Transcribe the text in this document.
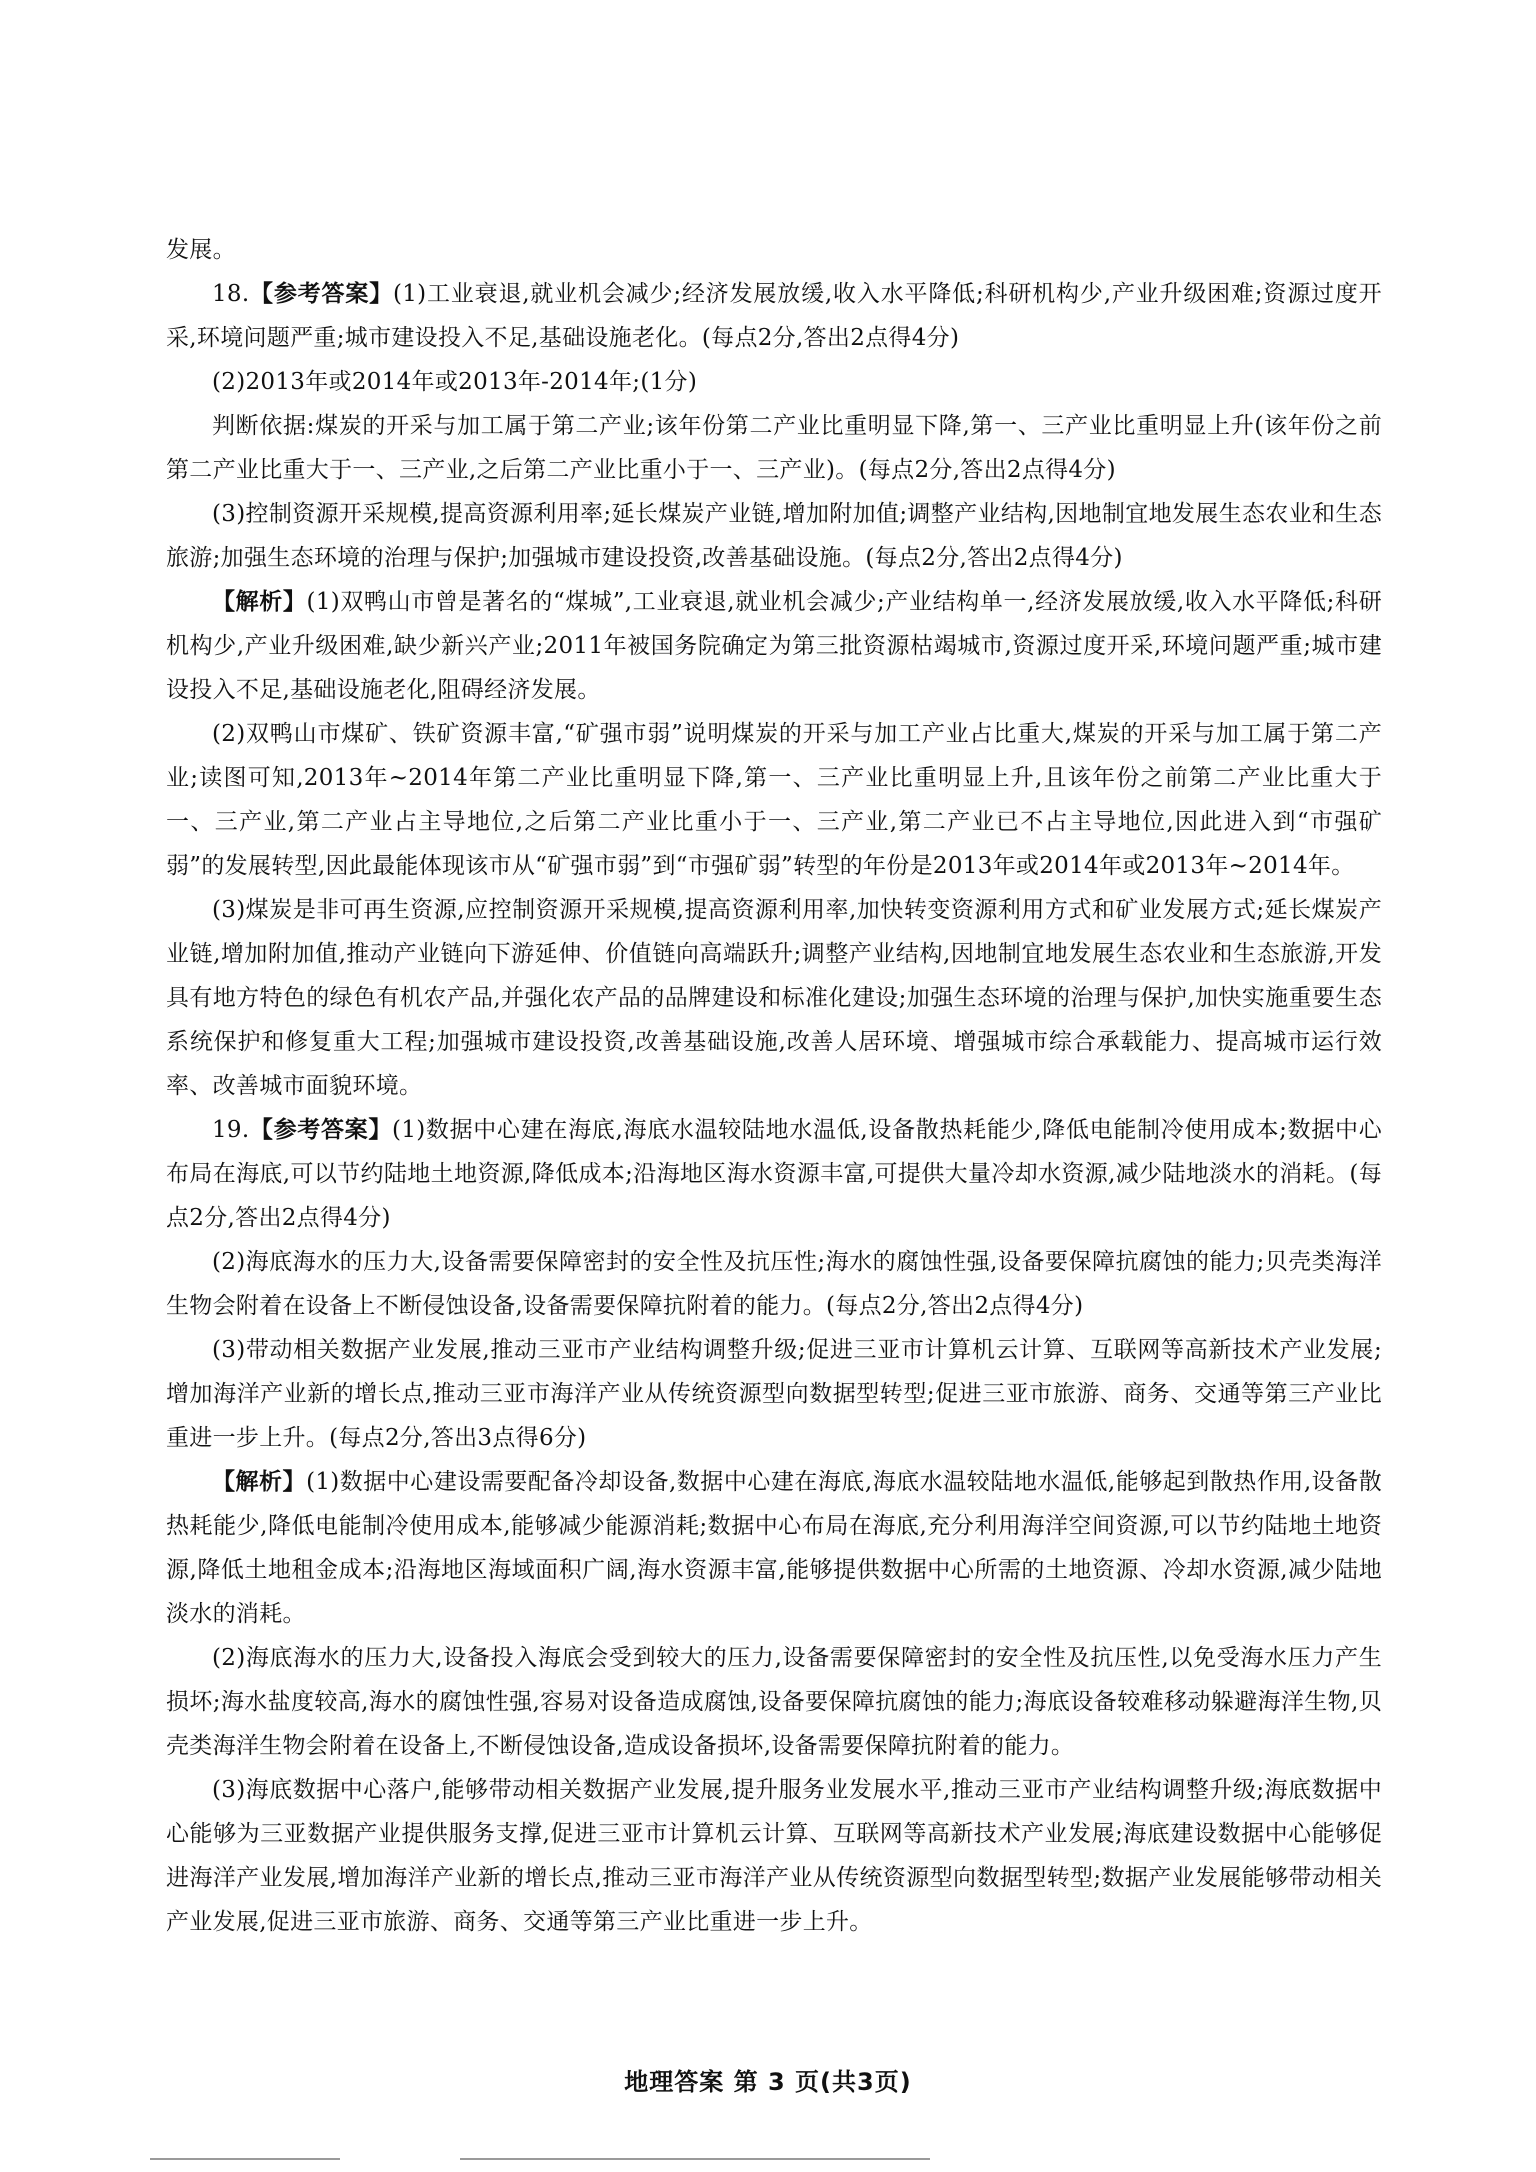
发展。

18.【参考答案】(1)工业衰退,就业机会减少;经济发展放缓,收入水平降低;科研机构少,产业升级困难;资源过度开采,环境问题严重;城市建设投入不足,基础设施老化。(每点2分,答出2点得4分)

(2)2013年或2014年或2013年-2014年;(1分)

判断依据:煤炭的开采与加工属于第二产业;该年份第二产业比重明显下降,第一、三产业比重明显上升(该年份之前第二产业比重大于一、三产业,之后第二产业比重小于一、三产业)。(每点2分,答出2点得4分)

(3)控制资源开采规模,提高资源利用率;延长煤炭产业链,增加附加值;调整产业结构,因地制宜地发展生态农业和生态旅游;加强生态环境的治理与保护;加强城市建设投资,改善基础设施。(每点2分,答出2点得4分)

【解析】(1)双鸭山市曾是著名的“煤城”,工业衰退,就业机会减少;产业结构单一,经济发展放缓,收入水平降低;科研机构少,产业升级困难,缺少新兴产业;2011年被国务院确定为第三批资源枯竭城市,资源过度开采,环境问题严重;城市建设投入不足,基础设施老化,阻碍经济发展。

(2)双鸭山市煤矿、铁矿资源丰富,“矿强市弱”说明煤炭的开采与加工产业占比重大,煤炭的开采与加工属于第二产业;读图可知,2013年~2014年第二产业比重明显下降,第一、三产业比重明显上升,且该年份之前第二产业比重大于一、三产业,第二产业占主导地位,之后第二产业比重小于一、三产业,第二产业已不占主导地位,因此进入到“市强矿弱”的发展转型,因此最能体现该市从“矿强市弱”到“市强矿弱”转型的年份是2013年或2014年或2013年~2014年。

(3)煤炭是非可再生资源,应控制资源开采规模,提高资源利用率,加快转变资源利用方式和矿业发展方式;延长煤炭产业链,增加附加值,推动产业链向下游延伸、价值链向高端跃升;调整产业结构,因地制宜地发展生态农业和生态旅游,开发具有地方特色的绿色有机农产品,并强化农产品的品牌建设和标准化建设;加强生态环境的治理与保护,加快实施重要生态系统保护和修复重大工程;加强城市建设投资,改善基础设施,改善人居环境、增强城市综合承载能力、提高城市运行效率、改善城市面貌环境。

19.【参考答案】(1)数据中心建在海底,海底水温较陆地水温低,设备散热耗能少,降低电能制冷使用成本;数据中心布局在海底,可以节约陆地土地资源,降低成本;沿海地区海水资源丰富,可提供大量冷却水资源,减少陆地淡水的消耗。(每点2分,答出2点得4分)

(2)海底海水的压力大,设备需要保障密封的安全性及抗压性;海水的腐蚀性强,设备要保障抗腐蚀的能力;贝壳类海洋生物会附着在设备上不断侵蚀设备,设备需要保障抗附着的能力。(每点2分,答出2点得4分)

(3)带动相关数据产业发展,推动三亚市产业结构调整升级;促进三亚市计算机云计算、互联网等高新技术产业发展;增加海洋产业新的增长点,推动三亚市海洋产业从传统资源型向数据型转型;促进三亚市旅游、商务、交通等第三产业比重进一步上升。(每点2分,答出3点得6分)

【解析】(1)数据中心建设需要配备冷却设备,数据中心建在海底,海底水温较陆地水温低,能够起到散热作用,设备散热耗能少,降低电能制冷使用成本,能够减少能源消耗;数据中心布局在海底,充分利用海洋空间资源,可以节约陆地土地资源,降低土地租金成本;沿海地区海域面积广阔,海水资源丰富,能够提供数据中心所需的土地资源、冷却水资源,减少陆地淡水的消耗。

(2)海底海水的压力大,设备投入海底会受到较大的压力,设备需要保障密封的安全性及抗压性,以免受海水压力产生损坏;海水盐度较高,海水的腐蚀性强,容易对设备造成腐蚀,设备要保障抗腐蚀的能力;海底设备较难移动躲避海洋生物,贝壳类海洋生物会附着在设备上,不断侵蚀设备,造成设备损坏,设备需要保障抗附着的能力。

(3)海底数据中心落户,能够带动相关数据产业发展,提升服务业发展水平,推动三亚市产业结构调整升级;海底数据中心能够为三亚数据产业提供服务支撑,促进三亚市计算机云计算、互联网等高新技术产业发展;海底建设数据中心能够促进海洋产业发展,增加海洋产业新的增长点,推动三亚市海洋产业从传统资源型向数据型转型;数据产业发展能够带动相关产业发展,促进三亚市旅游、商务、交通等第三产业比重进一步上升。

地理答案 第 3 页(共3页)
